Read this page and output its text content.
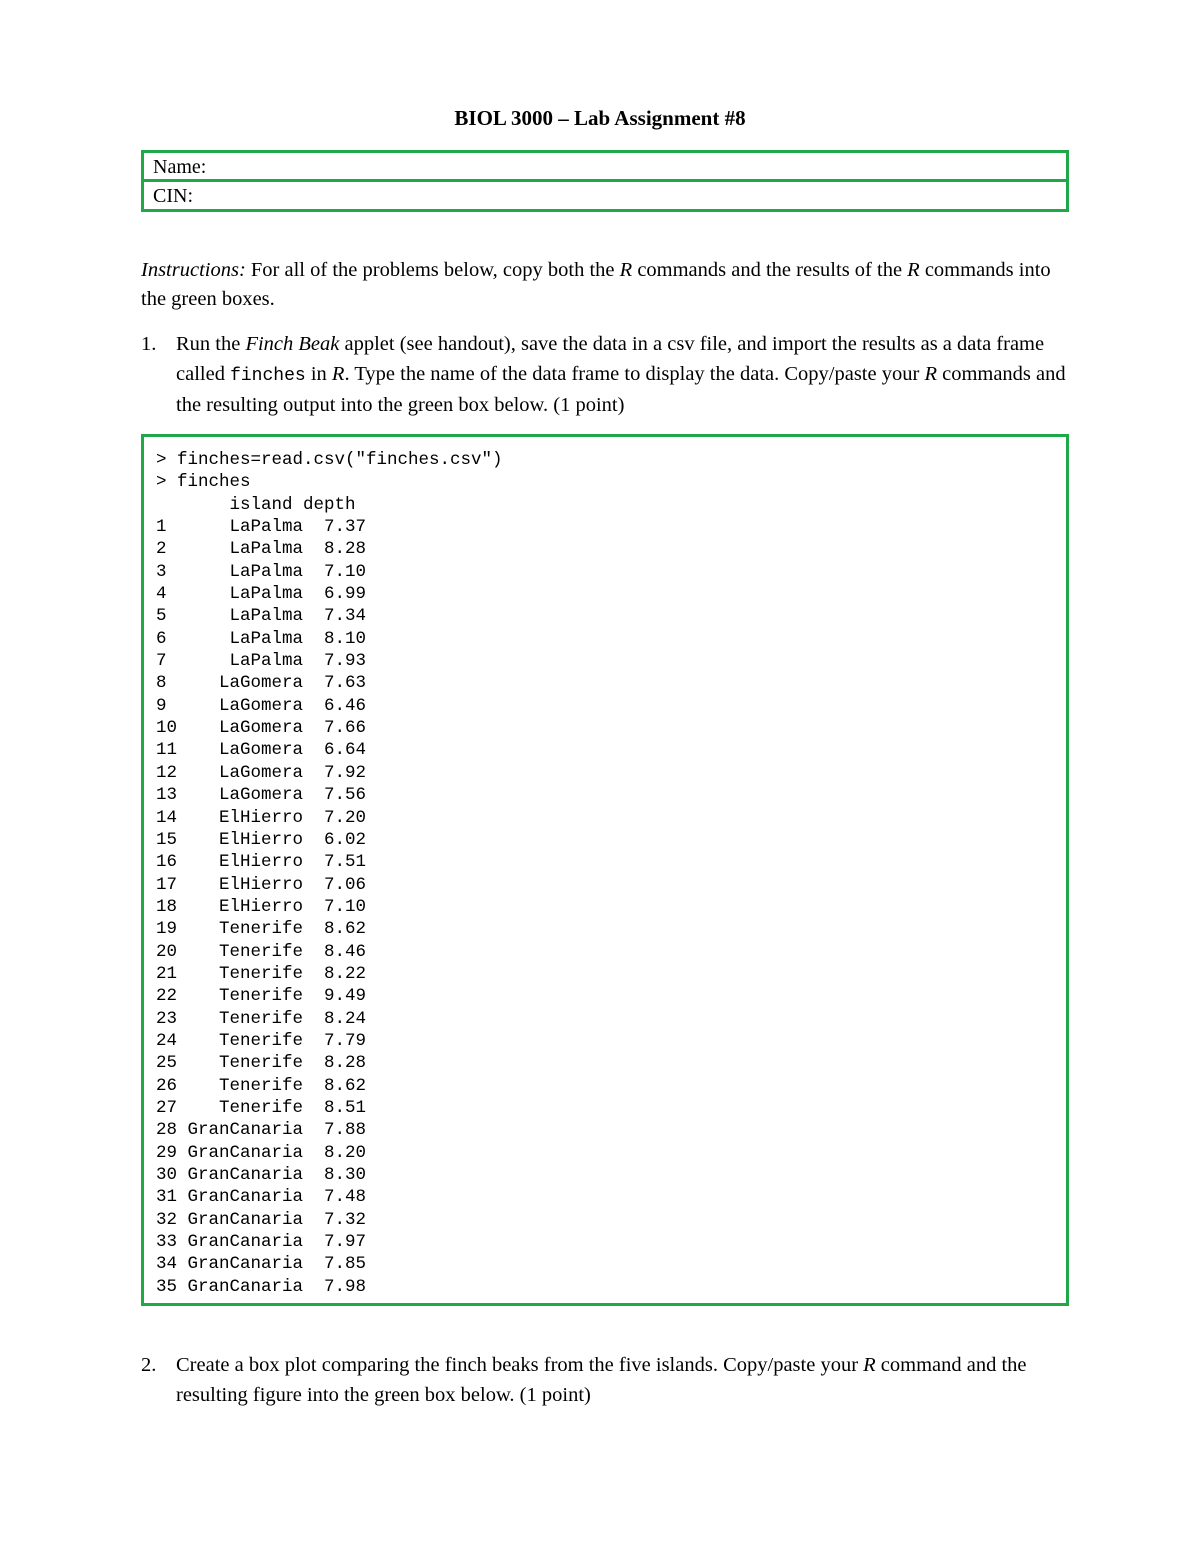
BIOL 3000 – Lab Assignment #8
Name:
CIN:
Instructions: For all of the problems below, copy both the R commands and the results of the R commands into the green boxes.
1. Run the Finch Beak applet (see handout), save the data in a csv file, and import the results as a data frame called finches in R. Type the name of the data frame to display the data. Copy/paste your R commands and the resulting output into the green box below. (1 point)
> finches=read.csv("finches.csv")
> finches
island depth
1      LaPalma  7.37
2      LaPalma  8.28
3      LaPalma  7.10
4      LaPalma  6.99
5      LaPalma  7.34
6      LaPalma  8.10
7      LaPalma  7.93
8     LaGomera  7.63
9     LaGomera  6.46
10    LaGomera  7.66
11    LaGomera  6.64
12    LaGomera  7.92
13    LaGomera  7.56
14    ElHierro  7.20
15    ElHierro  6.02
16    ElHierro  7.51
17    ElHierro  7.06
18    ElHierro  7.10
19    Tenerife  8.62
20    Tenerife  8.46
21    Tenerife  8.22
22    Tenerife  9.49
23    Tenerife  8.24
24    Tenerife  7.79
25    Tenerife  8.28
26    Tenerife  8.62
27    Tenerife  8.51
28 GranCanaria  7.88
29 GranCanaria  8.20
30 GranCanaria  8.30
31 GranCanaria  7.48
32 GranCanaria  7.32
33 GranCanaria  7.97
34 GranCanaria  7.85
35 GranCanaria  7.98
2. Create a box plot comparing the finch beaks from the five islands. Copy/paste your R command and the resulting figure into the green box below. (1 point)
